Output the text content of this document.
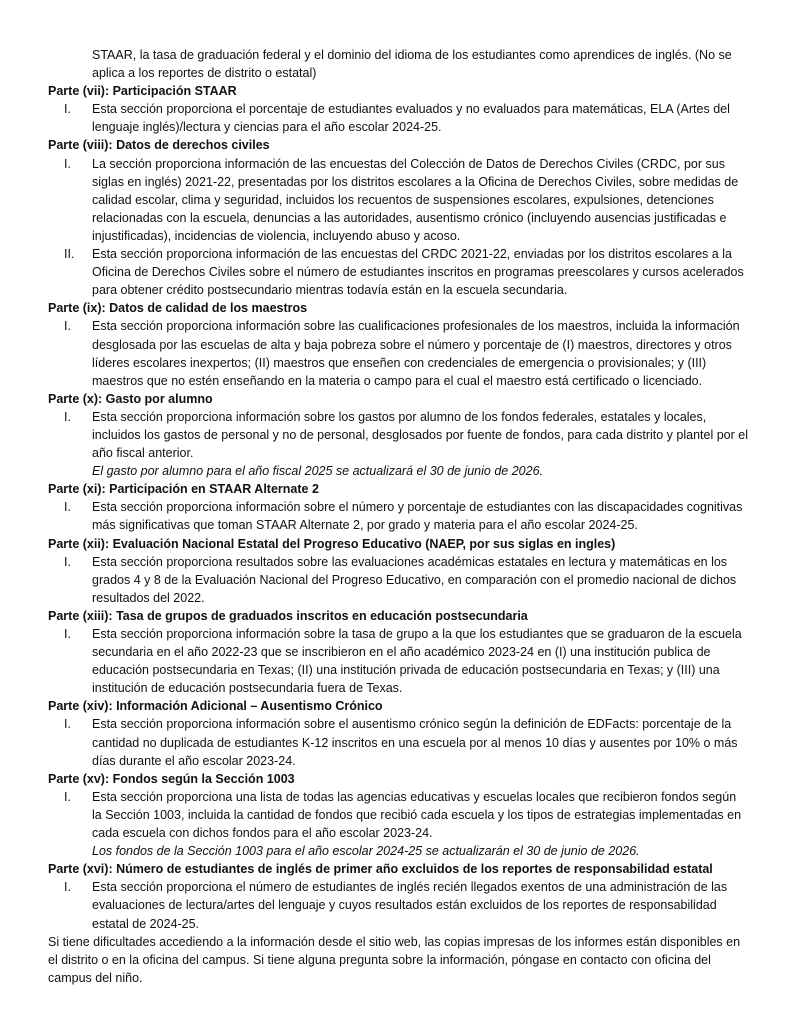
STAAR, la tasa de graduación federal y el dominio del idioma de los estudiantes como aprendices de inglés. (No se aplica a los reportes de distrito o estatal)
Parte (vii): Participación STAAR
I.	Esta sección proporciona el porcentaje de estudiantes evaluados y no evaluados para matemáticas, ELA (Artes del lenguaje inglés)/lectura y ciencias para el año escolar 2024-25.
Parte (viii): Datos de derechos civiles
I.	La sección proporciona información de las encuestas del Colección de Datos de Derechos Civiles (CRDC, por sus siglas en inglés) 2021-22, presentadas por los distritos escolares a la Oficina de Derechos Civiles, sobre medidas de calidad escolar, clima y seguridad, incluidos los recuentos de suspensiones escolares, expulsiones, detenciones relacionadas con la escuela, denuncias a las autoridades, ausentismo crónico (incluyendo ausencias justificadas e injustificadas), incidencias de violencia, incluyendo abuso y acoso.
II.	Esta sección proporciona información de las encuestas del CRDC 2021-22, enviadas por los distritos escolares a la Oficina de Derechos Civiles sobre el número de estudiantes inscritos en programas preescolares y cursos acelerados para obtener crédito postsecundario mientras todavía están en la escuela secundaria.
Parte (ix): Datos de calidad de los maestros
I.	Esta sección proporciona información sobre las cualificaciones profesionales de los maestros, incluida la información desglosada por las escuelas de alta y baja pobreza sobre el número y porcentaje de (I) maestros, directores y otros líderes escolares inexpertos; (II) maestros que enseñen con credenciales de emergencia o provisionales; y (III) maestros que no estén enseñando en la materia o campo para el cual el maestro está certificado o licenciado.
Parte (x): Gasto por alumno
I.	Esta sección proporciona información sobre los gastos por alumno de los fondos federales, estatales y locales, incluidos los gastos de personal y no de personal, desglosados por fuente de fondos, para cada distrito y plantel por el año fiscal anterior.
El gasto por alumno para el año fiscal 2025 se actualizará el 30 de junio de 2026.
Parte (xi): Participación en STAAR Alternate 2
I.	Esta sección proporciona información sobre el número y porcentaje de estudiantes con las discapacidades cognitivas más significativas que toman STAAR Alternate 2, por grado y materia para el año escolar 2024-25.
Parte (xii): Evaluación Nacional Estatal del Progreso Educativo (NAEP, por sus siglas en ingles)
I.	Esta sección proporciona resultados sobre las evaluaciones académicas estatales en lectura y matemáticas en los grados 4 y 8 de la Evaluación Nacional del Progreso Educativo, en comparación con el promedio nacional de dichos resultados del 2022.
Parte (xiii): Tasa de grupos de graduados inscritos en educación postsecundaria
I.	Esta sección proporciona información sobre la tasa de grupo a la que los estudiantes que se graduaron de la escuela secundaria en el año 2022-23 que se inscribieron en el año académico 2023-24 en (I) una institución publica de educación postsecundaria en Texas; (II) una institución privada de educación postsecundaria en Texas; y (III) una institución de educación postsecundaria fuera de Texas.
Parte (xiv): Información Adicional – Ausentismo Crónico
I.	Esta sección proporciona información sobre el ausentismo crónico según la definición de EDFacts: porcentaje de la cantidad no duplicada de estudiantes K-12 inscritos en una escuela por al menos 10 días y ausentes por 10% o más días durante el año escolar 2023-24.
Parte (xv): Fondos según la Sección 1003
I.	Esta sección proporciona una lista de todas las agencias educativas y escuelas locales que recibieron fondos según la Sección 1003, incluida la cantidad de fondos que recibió cada escuela y los tipos de estrategias implementadas en cada escuela con dichos fondos para el año escolar 2023-24.
Los fondos de la Sección 1003 para el año escolar 2024-25 se actualizarán el 30 de junio de 2026.
Parte (xvi): Número de estudiantes de inglés de primer año excluidos de los reportes de responsabilidad estatal
I.	Esta sección proporciona el número de estudiantes de inglés recién llegados exentos de una administración de las evaluaciones de lectura/artes del lenguaje y cuyos resultados están excluidos de los reportes de responsabilidad estatal de 2024-25.
Si tiene dificultades accediendo a la información desde el sitio web, las copias impresas de los informes están disponibles en el distrito o en la oficina del campus. Si tiene alguna pregunta sobre la información, póngase en contacto con oficina del campus del niño.
